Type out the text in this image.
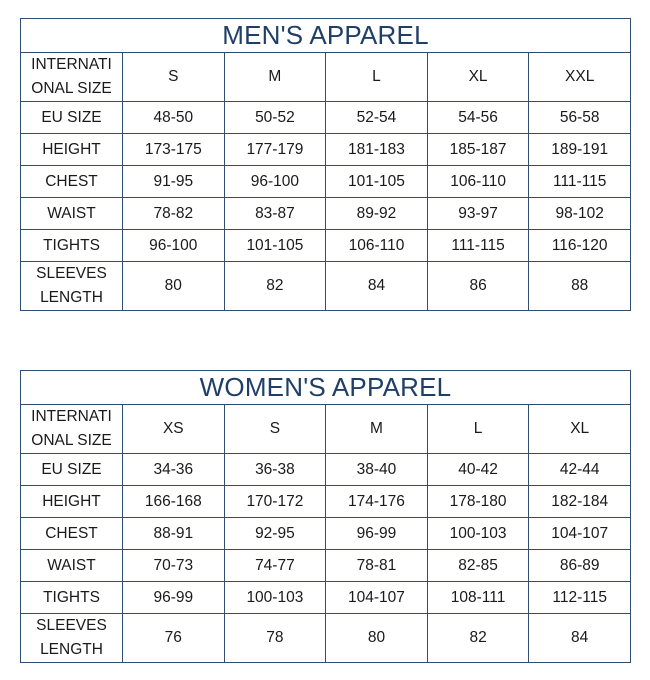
MEN'S APPAREL					

INTERNATI
ONAL SIZE	S	M	L	XL	XXL
EU SIZE	48-50	50-52	52-54	54-56	56-58
HEIGHT	173-175	177-179	181-183	185-187	189-191
CHEST	91-95	96-100	101-105	106-110	111-115
WAIST	78-82	83-87	89-92	93-97	98-102
TIGHTS	96-100	101-105	106-110	111-115	116-120

SLEEVES
LENGTH	80	82	84	86	88
WOMEN'S APPAREL					

INTERNATI
ONAL SIZE	XS	S	M	L	XL
EU SIZE	34-36	36-38	38-40	40-42	42-44
HEIGHT	166-168	170-172	174-176	178-180	182-184
CHEST	88-91	92-95	96-99	100-103	104-107
WAIST	70-73	74-77	78-81	82-85	86-89
TIGHTS	96-99	100-103	104-107	108-111	112-115

SLEEVES
LENGTH	76	78	80	82	84
